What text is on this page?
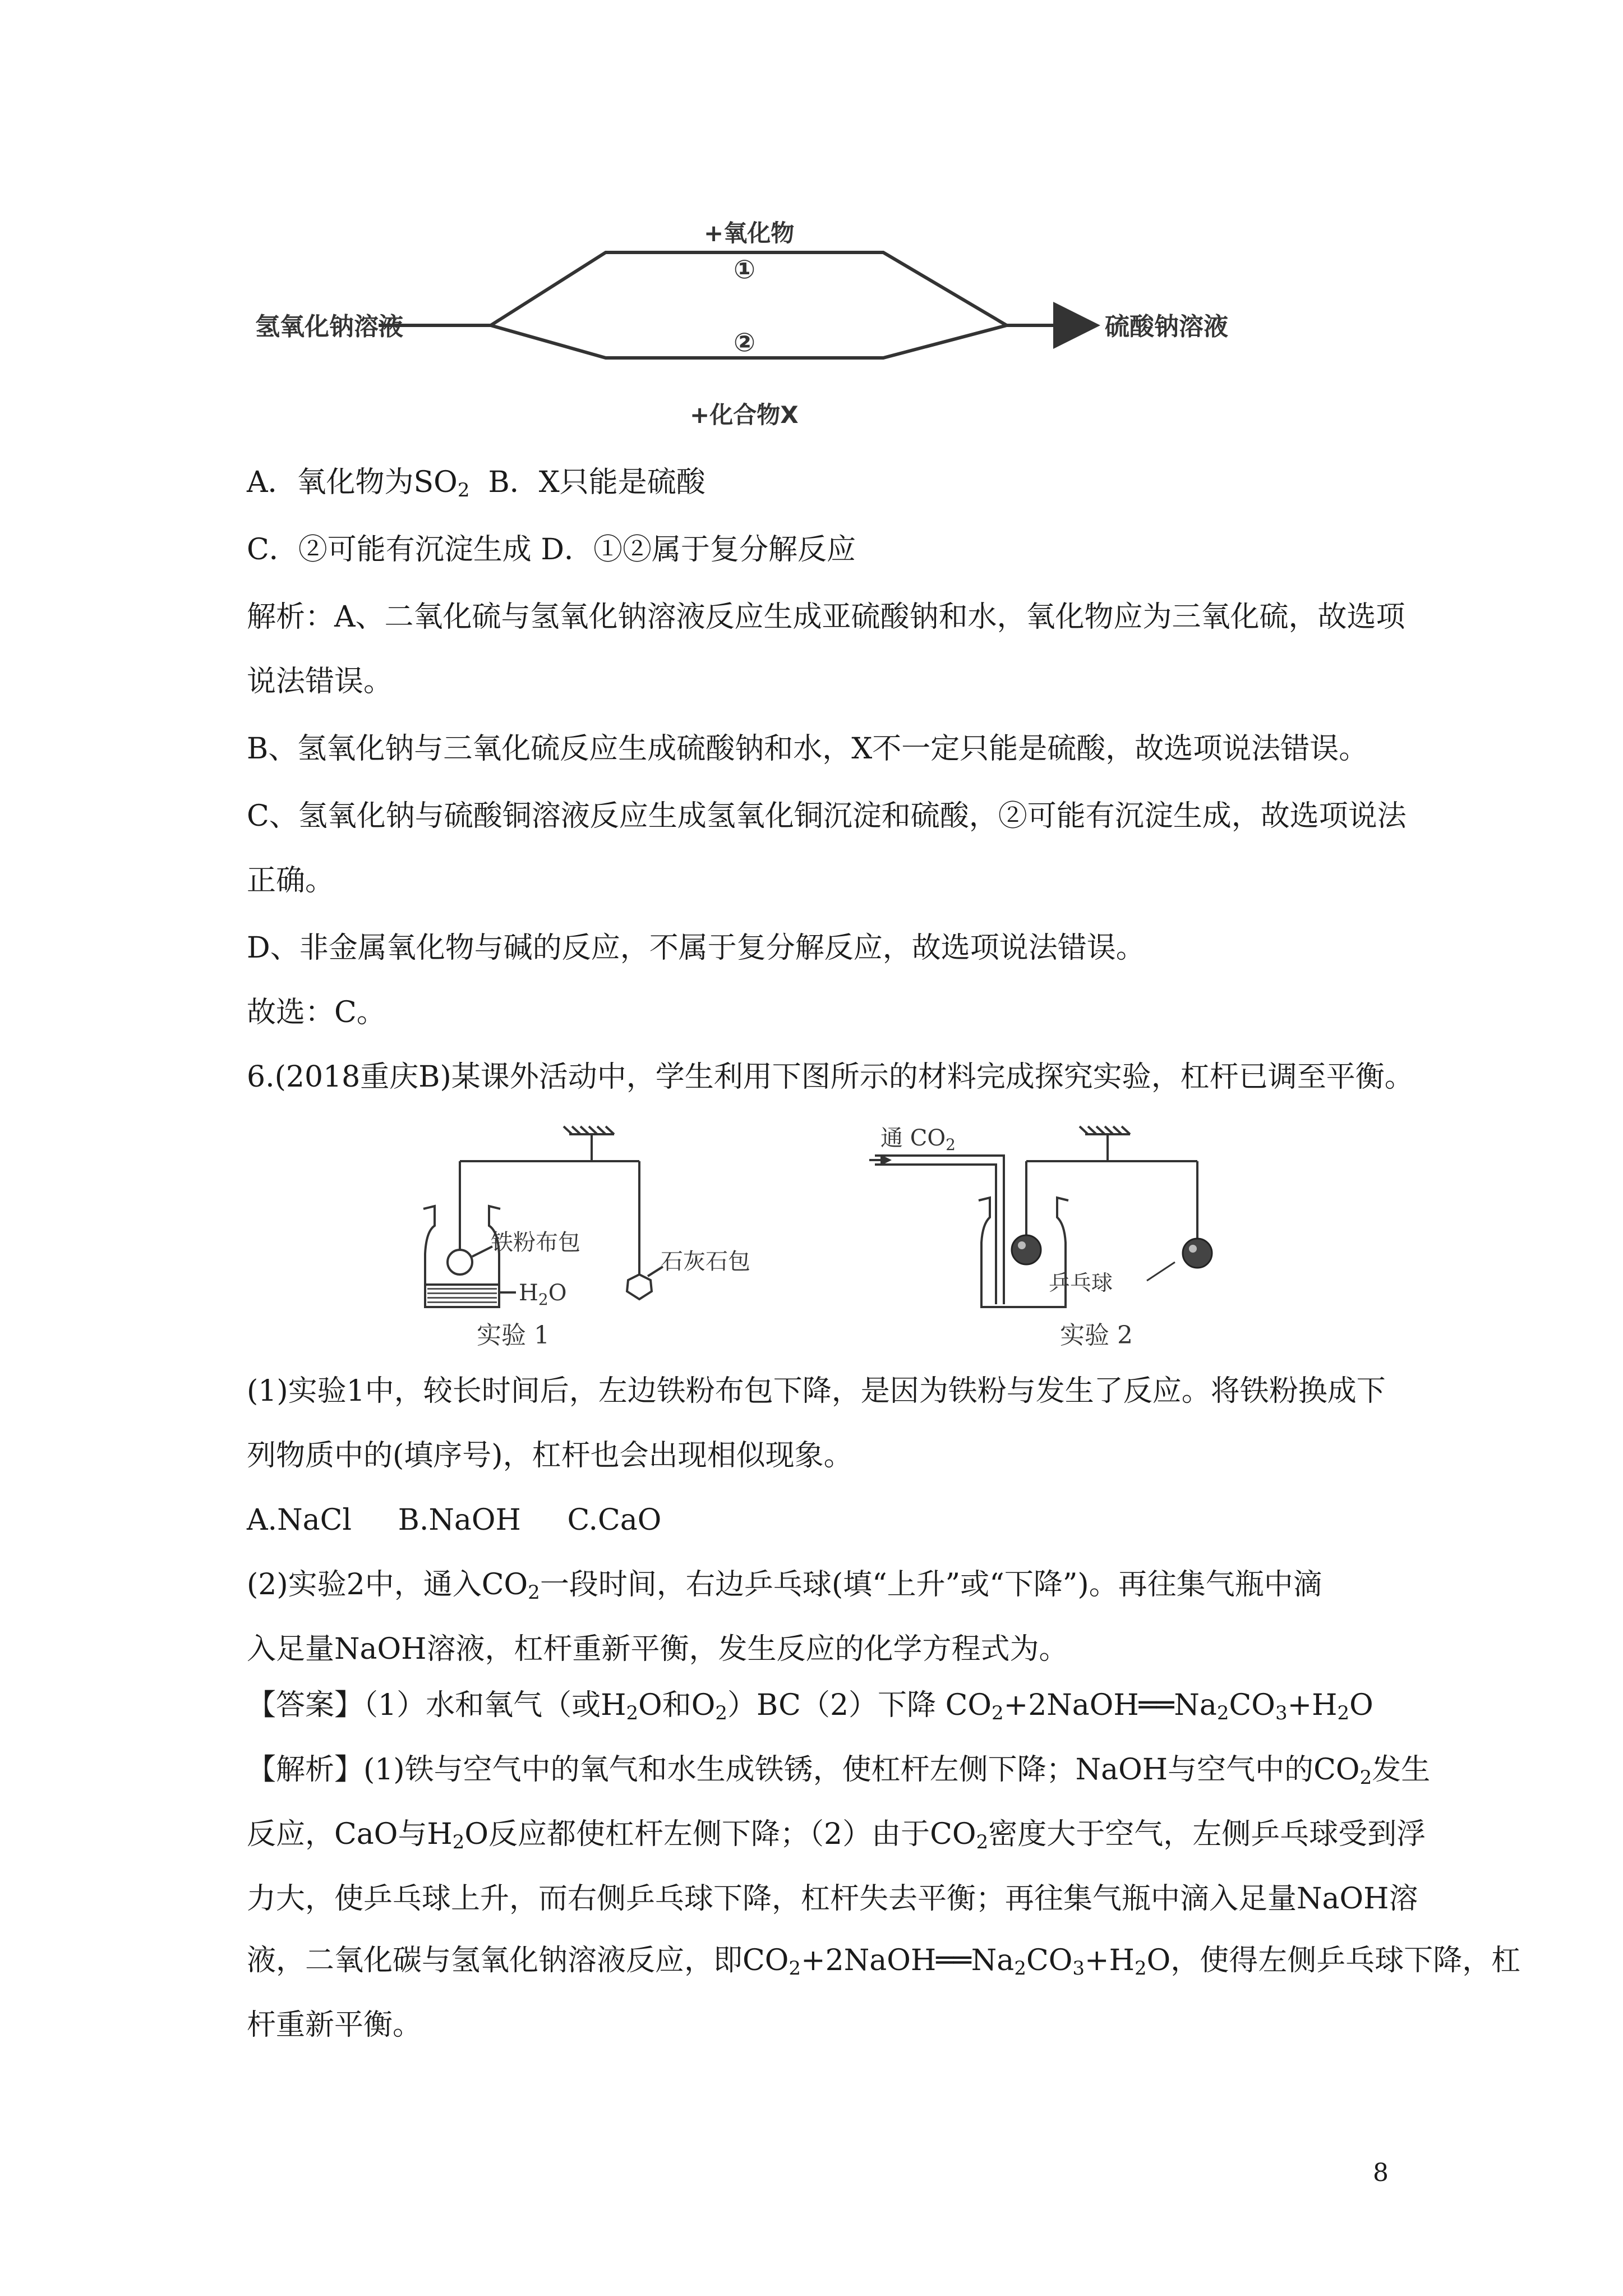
氢氧化钠溶液	硫酸钠溶液
+氧化物
①
②
+化合物X
A．氧化物为$SO_2$  B．X只能是硫酸
C．②可能有沉淀生成 D．①②属于复分解反应
解析：A、二氧化硫与氢氧化钠溶液反应生成亚硫酸钠和水，氧化物应为三氧化硫，故选项
说法错误。
B、氢氧化钠与三氧化硫反应生成硫酸钠和水，X不一定只能是硫酸，故选项说法错误。
C、氢氧化钠与硫酸铜溶液反应生成氢氧化铜沉淀和硫酸，②可能有沉淀生成，故选项说法
正确。
D、非金属氧化物与碱的反应，不属于复分解反应，故选项说法错误。
故选：C。
6.(2018重庆B)某课外活动中，学生利用下图所示的材料完成探究实验，杠杆已调至平衡。
铁粉布包
石灰石包
$H_2O$
实验 1
通 $CO_2$
乒乓球
实验 2
(1)实验1中，较长时间后，左边铁粉布包下降，是因为铁粉与发生了反应。将铁粉换成下
列物质中的(填序号)，杠杆也会出现相似现象。
A.NaCl     B.NaOH     C.CaO
(2)实验2中，通入$CO_2$一段时间，右边乒乓球(填“上升”或“下降”)。再往集气瓶中滴
入足量NaOH溶液，杠杆重新平衡，发生反应的化学方程式为。
【答案】（1）水和氧气（或$H_2O$和$O_2)BC(2)$下降 $CO_2+2NaOH══Na_2CO_3+H_2O$
【解析】(1)铁与空气中的氧气和水生成铁锈，使杠杆左侧下降；NaOH与空气中的$CO_2$发生
反应，CaO与$H_2O$反应都使杠杆左侧下降；（2）由于$CO_2$密度大于空气，左侧乒乓球受到浮
力大，使乒乓球上升，而右侧乒乓球下降，杠杆失去平衡；再往集气瓶中滴入足量NaOH溶
液，二氧化碳与氢氧化钠溶液反应，即$CO_2+2NaOH══Na_2CO_3+H_2O$，使得左侧乒乓球下降，杠
杆重新平衡。
8
